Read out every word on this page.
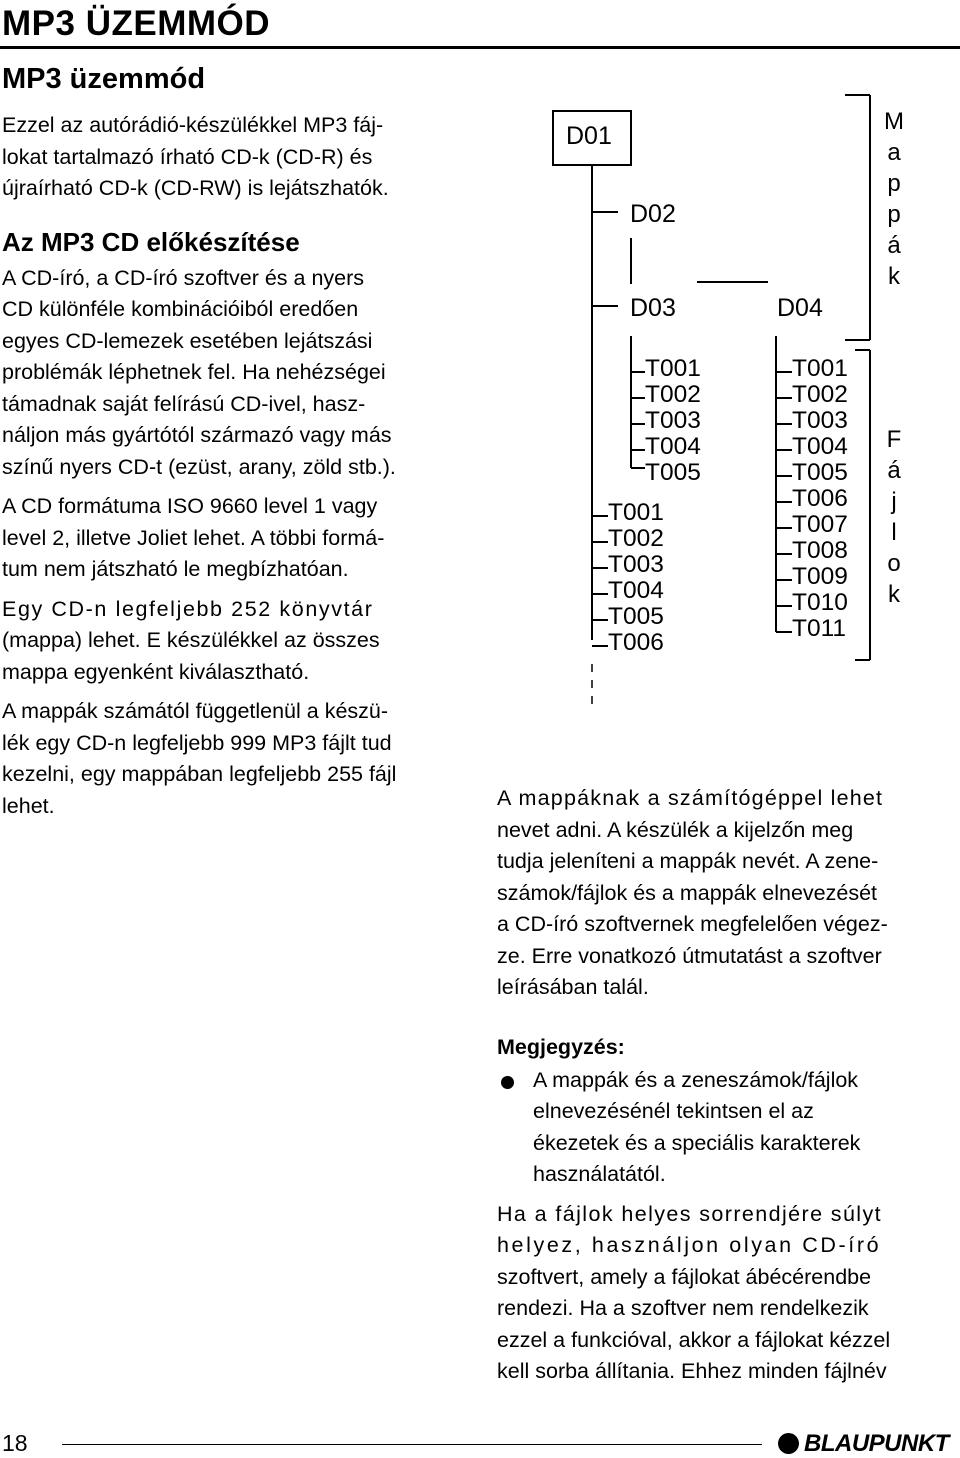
MP3 ÜZEMMÓD
MP3 üzemmód
Ezzel az autórádió-készülékkel MP3 fáj-
lokat tartalmazó írható CD-k (CD-R) és
újraírható CD-k (CD-RW) is lejátszhatók.
Az MP3 CD előkészítése
A CD-író, a CD-író szoftver és a nyers
CD különféle kombinációiból eredően
egyes CD-lemezek esetében lejátszási
problémák léphetnek fel. Ha nehézségei
támadnak saját felírású CD-ivel, hasz-
náljon más gyártótól származó vagy más
színű nyers CD-t (ezüst, arany, zöld stb.).
A CD formátuma ISO 9660 level 1 vagy
level 2, illetve Joliet lehet. A többi formá-
tum nem játszható le megbízhatóan.
Egy CD-n legfeljebb 252 könyvtár
(mappa) lehet. E készülékkel az összes
mappa egyenként kiválasztható.
A mappák számától függetlenül a készü-
lék egy CD-n legfeljebb 999 MP3 fájlt tud
kezelni, egy mappában legfeljebb 255 fájl
lehet.
D01
D02
D03	D04
T001
T002
T003
T004
T005
T001
T002
T003
T004
T005
T006
T001
T002
T003
T004
T005
T006
T007
T008
T009
T010
T011
M
a
p
p
á
k
F
á
j
l
o
k
A mappáknak a számítógéppel lehet
nevet adni. A készülék a kijelzőn meg
tudja jeleníteni a mappák nevét. A zene-
számok/fájlok és a mappák elnevezését
a CD-író szoftvernek megfelelően végez-
ze. Erre vonatkozó útmutatást a szoftver
leírásában talál.
Megjegyzés:
A mappák és a zeneszámok/fájlok
elnevezésénél tekintsen el az
ékezetek és a speciális karakterek
használatától.
Ha a fájlok helyes sorrendjére súlyt
helyez, használjon olyan CD-író
szoftvert, amely a fájlokat ábécérendbe
rendezi. Ha a szoftver nem rendelkezik
ezzel a funkcióval, akkor a fájlokat kézzel
kell sorba állítania. Ehhez minden fájlnév
18	BLAUPUNKT
